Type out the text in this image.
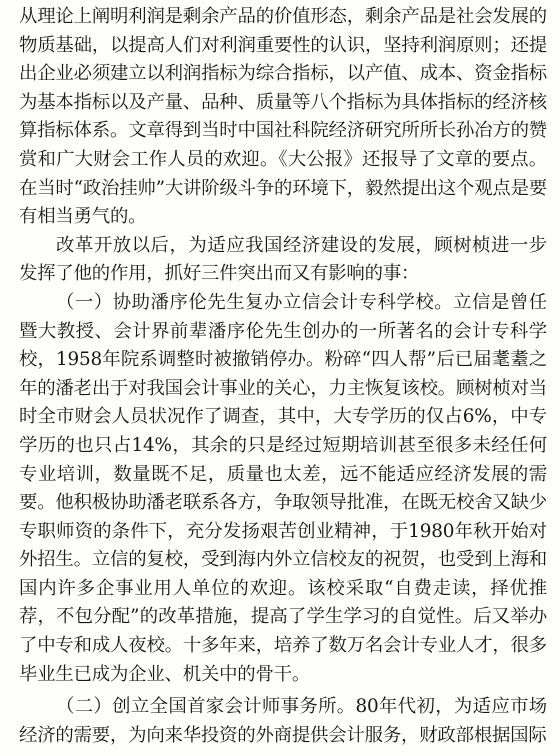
从理论上阐明利润是剩余产品的价值形态，剩余产品是社会发展的物质基础，以提高人们对利润重要性的认识，坚持利润原则；还提出企业必须建立以利润指标为综合指标，以产值、成本、资金指标为基本指标以及产量、品种、质量等八个指标为具体指标的经济核算指标体系。文章得到当时中国社科院经济研究所所长孙冶方的赞赏和广大财会工作人员的欢迎。《大公报》还报导了文章的要点。在当时“政治挂帅”大讲阶级斗争的环境下，毅然提出这个观点是要有相当勇气的。

改革开放以后，为适应我国经济建设的发展，顾树桢进一步发挥了他的作用，抓好三件突出而又有影响的事：

（一）协助潘序伦先生复办立信会计专科学校。立信是曾任暨大教授、会计界前辈潘序伦先生创办的一所著名的会计专科学校，1958年院系调整时被撤销停办。粉碎“四人帮”后已届耄耋之年的潘老出于对我国会计事业的关心，力主恢复该校。顾树桢对当时全市财会人员状况作了调查，其中，大专学历的仅占6%，中专学历的也只占14%，其余的只是经过短期培训甚至很多未经任何专业培训，数量既不足，质量也太差，远不能适应经济发展的需要。他积极协助潘老联系各方，争取领导批准，在既无校舍又缺少专职师资的条件下，充分发扬艰苦创业精神，于1980年秋开始对外招生。立信的复校，受到海内外立信校友的祝贺，也受到上海和国内许多企事业用人单位的欢迎。该校采取“自费走读，择优推荐，不包分配”的改革措施，提高了学生学习的自觉性。后又举办了中专和成人夜校。十多年来，培养了数万名会计专业人才，很多毕业生已成为企业、机关中的骨干。

（二）创立全国首家会计师事务所。80年代初，为适应市场经济的需要，为向来华投资的外商提供会计服务，财政部根据国际
